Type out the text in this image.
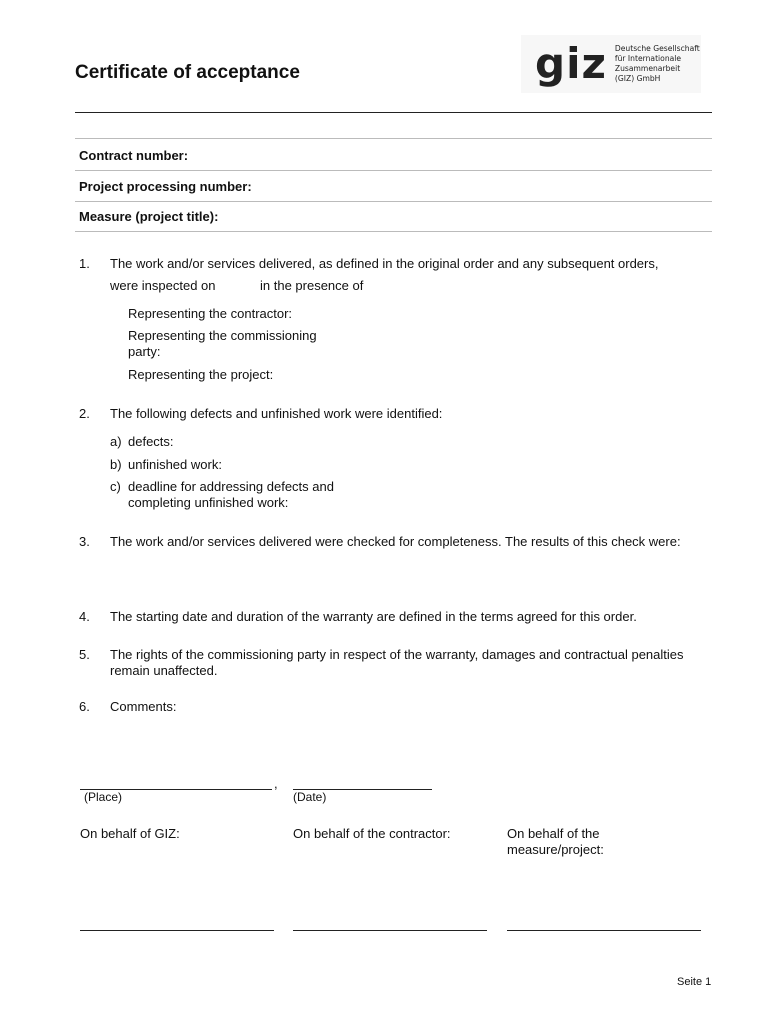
Certificate of acceptance	giz Deutsche Gesellschaft
für Internationale
Zusammenarbeit (GIZ) GmbH
Contract number:
Project processing number:
Measure (project title):
1. The work and/or services delivered, as defined in the original order and any subsequent orders,
were inspected on	in the presence of
Representing the contractor:
Representing the commissioning party:
Representing the project:
2. The following defects and unfinished work were identified:
a) defects:
b) unfinished work:
c) deadline for addressing defects and completing unfinished work:
3. The work and/or services delivered were checked for completeness. The results of this check were:
4. The starting date and duration of the warranty are defined in the terms agreed for this order.
5. The rights of the commissioning party in respect of the warranty, damages and contractual penalties remain unaffected.
6. Comments:
,
(Place)	(Date)
On behalf of GIZ:	On behalf of the contractor:	On behalf of the measure/project:
Seite 1
